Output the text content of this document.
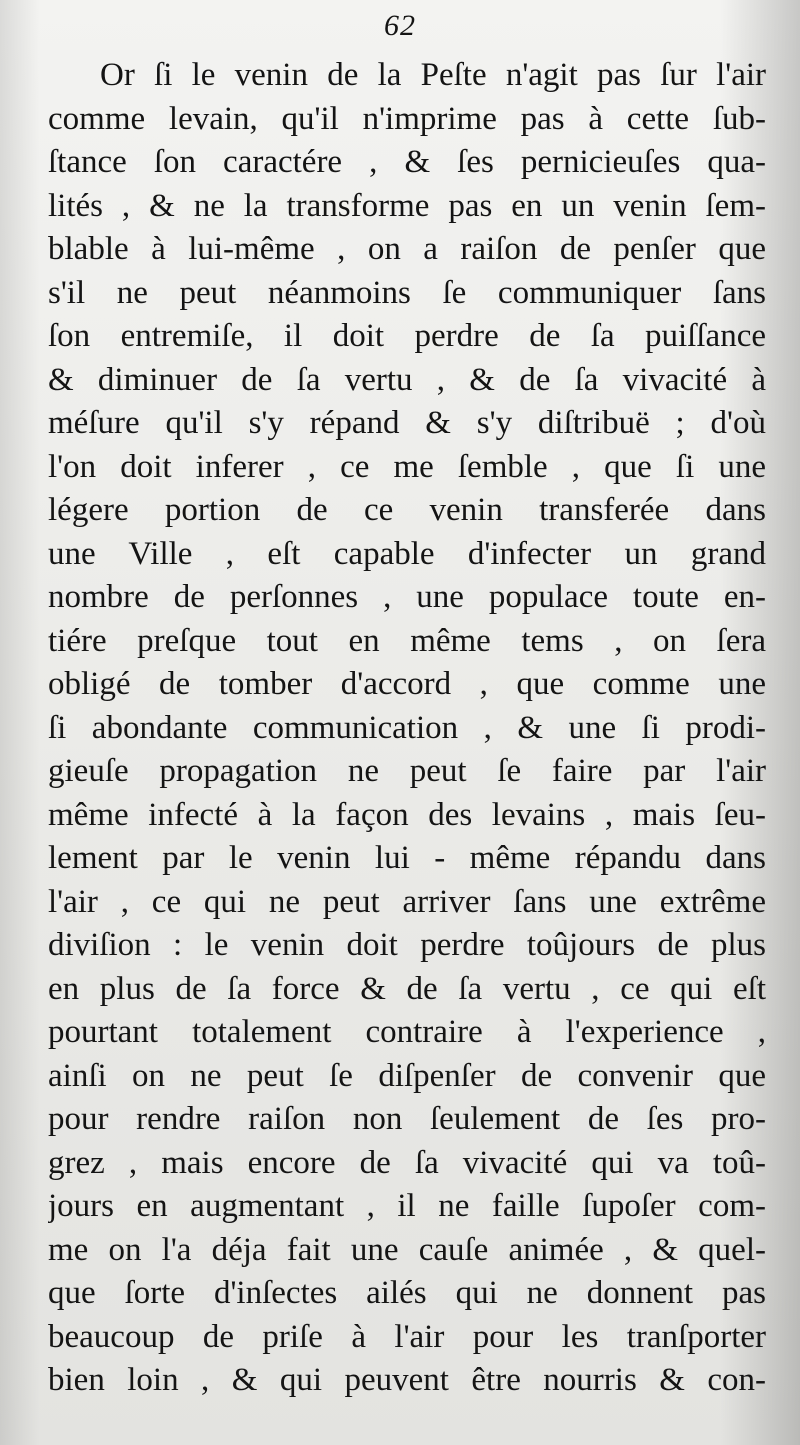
62
Or ſi le venin de la Peſte n'agit pas ſur l'air
comme levain, qu'il n'imprime pas à cette ſub-
ſtance ſon caractére , & ſes pernicieuſes qua-
lités , & ne la transforme pas en un venin ſem-
blable à lui-même , on a raiſon de penſer que
s'il ne peut néanmoins ſe communiquer ſans
ſon entremiſe, il doit perdre de ſa puiſſance
& diminuer de ſa vertu , & de ſa vivacité à
méſure qu'il s'y répand & s'y diſtribuë ; d'où
l'on doit inferer , ce me ſemble , que ſi une
légere portion de ce venin transferée dans
une Ville , eſt capable d'infecter un grand
nombre de perſonnes , une populace toute en-
tiére preſque tout en même tems , on ſera
obligé de tomber d'accord , que comme une
ſi abondante communication , & une ſi prodi-
gieuſe propagation ne peut ſe faire par l'air
même infecté à la façon des levains , mais ſeu-
lement par le venin lui - même répandu dans
l'air , ce qui ne peut arriver ſans une extrême
diviſion : le venin doit perdre toûjours de plus
en plus de ſa force & de ſa vertu , ce qui eſt
pourtant totalement contraire à l'experience ,
ainſi on ne peut ſe diſpenſer de convenir que
pour rendre raiſon non ſeulement de ſes pro-
grez , mais encore de ſa vivacité qui va toû-
jours en augmentant , il ne faille ſupoſer com-
me on l'a déja fait une cauſe animée , & quel-
que ſorte d'inſectes ailés qui ne donnent pas
beaucoup de priſe à l'air pour les tranſporter
bien loin , & qui peuvent être nourris & con-
